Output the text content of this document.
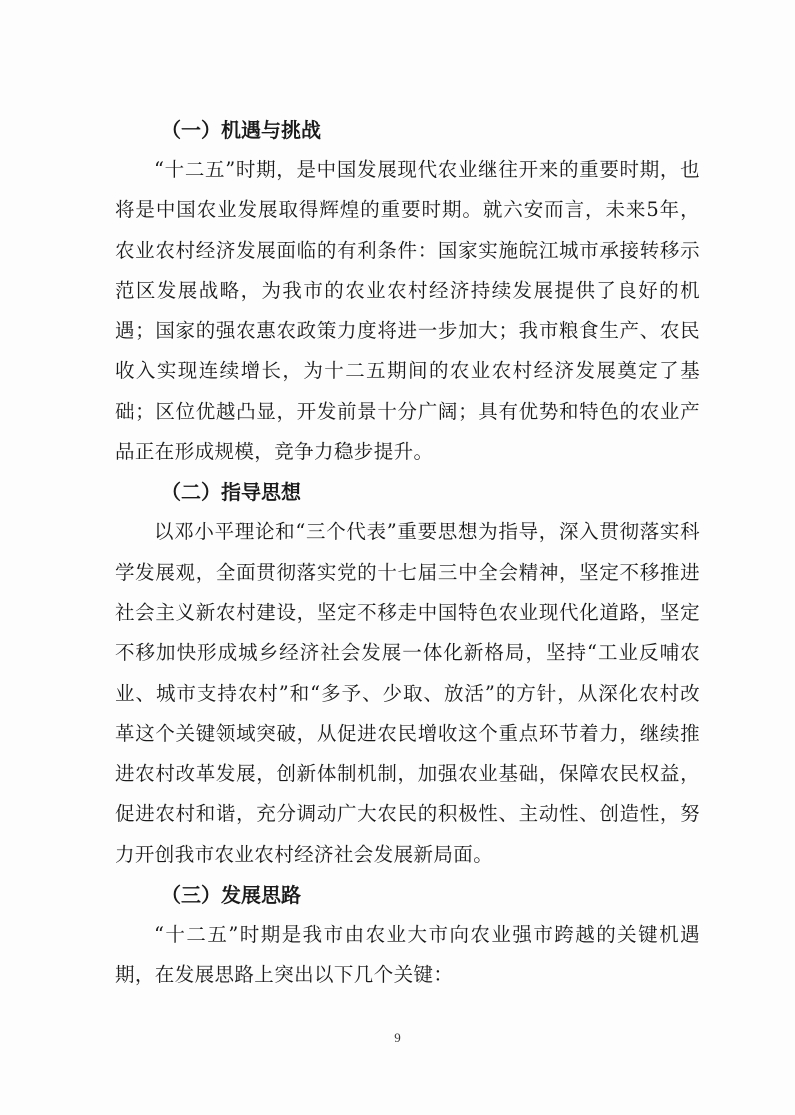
（一）机遇与挑战

“十二五”时期，是中国发展现代农业继往开来的重要时期，也将是中国农业发展取得辉煌的重要时期。就六安而言，未来5年，农业农村经济发展面临的有利条件：国家实施皖江城市承接转移示范区发展战略，为我市的农业农村经济持续发展提供了良好的机遇；国家的强农惠农政策力度将进一步加大；我市粮食生产、农民收入实现连续增长，为十二五期间的农业农村经济发展奠定了基础；区位优越凸显，开发前景十分广阔；具有优势和特色的农业产品正在形成规模，竞争力稳步提升。

（二）指导思想

以邓小平理论和“三个代表”重要思想为指导，深入贯彻落实科学发展观，全面贯彻落实党的十七届三中全会精神，坚定不移推进社会主义新农村建设，坚定不移走中国特色农业现代化道路，坚定不移加快形成城乡经济社会发展一体化新格局，坚持“工业反哺农业、城市支持农村”和“多予、少取、放活”的方针，从深化农村改革这个关键领域突破，从促进农民增收这个重点环节着力，继续推进农村改革发展，创新体制机制，加强农业基础，保障农民权益，促进农村和谐，充分调动广大农民的积极性、主动性、创造性，努力开创我市农业农村经济社会发展新局面。

（三）发展思路

“十二五”时期是我市由农业大市向农业强市跨越的关键机遇期，在发展思路上突出以下几个关键：

9
